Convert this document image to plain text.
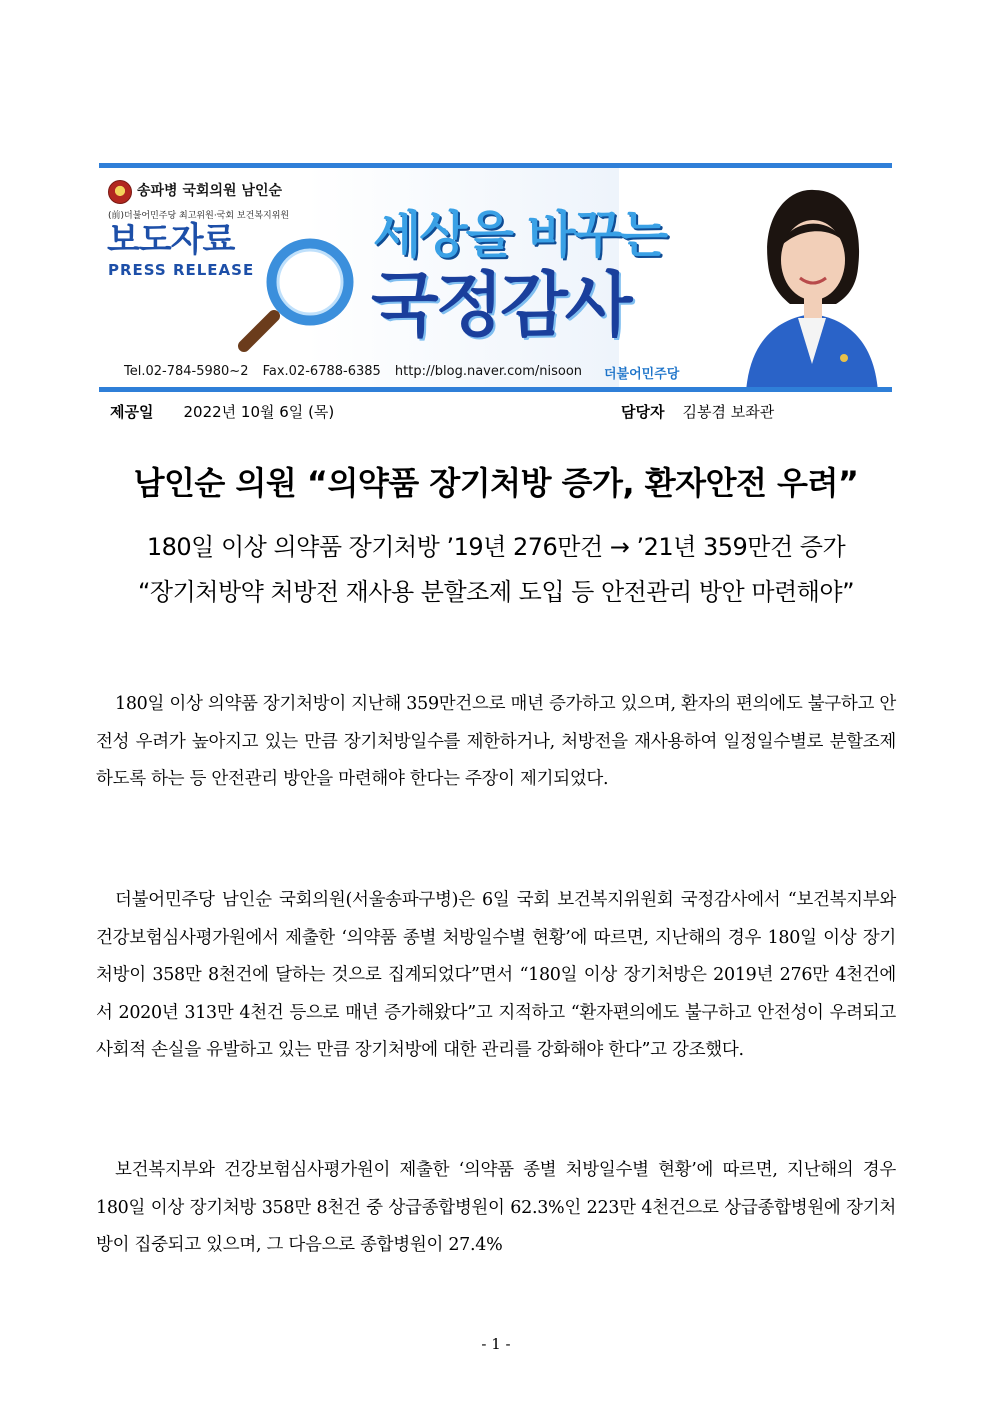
송파병 국회의원 남인순
(前)더불어민주당 최고위원·국회 보건복지위원
보도자료
PRESS RELEASE
세상을 바꾸는
국정감사
Tel.02-784-5980~2 Fax.02-6788-6385 http://blog.naver.com/nisoon	더불어민주당
제공일 2022년 10월 6일 (목)	담당자 김봉겸 보좌관
남인순 의원 “의약품 장기처방 증가, 환자안전 우려”
180일 이상 의약품 장기처방 ’19년 276만건 → ’21년 359만건 증가
“장기처방약 처방전 재사용 분할조제 도입 등 안전관리 방안 마련해야”

180일 이상 의약품 장기처방이 지난해 359만건으로 매년 증가하고 있으며, 환자의 편의에도 불구하고 안전성 우려가 높아지고 있는 만큼 장기처방일수를 제한하거나, 처방전을 재사용하여 일정일수별로 분할조제 하도록 하는 등 안전관리 방안을 마련해야 한다는 주장이 제기되었다.

더불어민주당 남인순 국회의원(서울송파구병)은 6일 국회 보건복지위원회 국정감사에서 “보건복지부와 건강보험심사평가원에서 제출한 ‘의약품 종별 처방일수별 현황’에 따르면, 지난해의 경우 180일 이상 장기처방이 358만 8천건에 달하는 것으로 집계되었다”면서 “180일 이상 장기처방은 2019년 276만 4천건에서 2020년 313만 4천건 등으로 매년 증가해왔다”고 지적하고 “환자편의에도 불구하고 안전성이 우려되고 사회적 손실을 유발하고 있는 만큼 장기처방에 대한 관리를 강화해야 한다”고 강조했다.

보건복지부와 건강보험심사평가원이 제출한 ‘의약품 종별 처방일수별 현황’에 따르면, 지난해의 경우 180일 이상 장기처방 358만 8천건 중 상급종합병원이 62.3%인 223만 4천건으로 상급종합병원에 장기처방이 집중되고 있으며, 그 다음으로 종합병원이 27.4%

- 1 -
